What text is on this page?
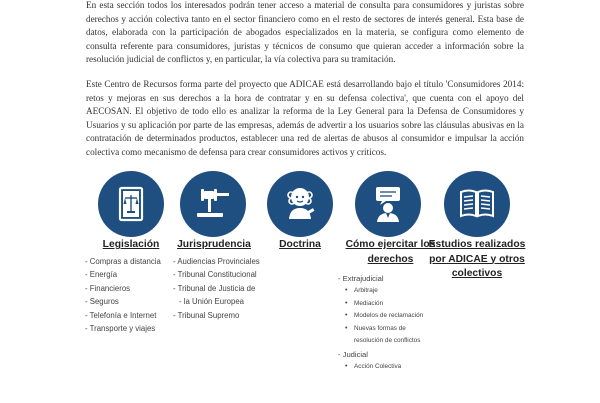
En esta sección todos los interesados podrán tener acceso a material de consulta para consumidores y juristas sobre derechos y acción colectiva tanto en el sector financiero como en el resto de sectores de interés general. Esta base de datos, elaborada con la participación de abogados especializados en la materia, se configura como elemento de consulta referente para consumidores, juristas y técnicos de consumo que quieran acceder a información sobre la resolución judicial de conflictos y, en particular, la vía colectiva para su tramitación.

Este Centro de Recursos forma parte del proyecto que ADICAE está desarrollando bajo el título 'Consumidores 2014: retos y mejoras en sus derechos a la hora de contratar y en su defensa colectiva', que cuenta con el apoyo del AECOSAN. El objetivo de todo ello es analizar la reforma de la Ley General para la Defensa de Consumidores y Usuarios y su aplicación por parte de las empresas, además de advertir a los usuarios sobre las cláusulas abusivas en la contratación de determinados productos, establecer una red de alertas de abusos al consumidor e impulsar la acción colectiva como mecanismo de defensa para crear consumidores activos y críticos.

Legislación

- Compras a distancia
- Energía
- Financieros
- Seguros
- Telefonía e Internet
- Transporte y viajes

Jurisprudencia

- Audiencias Provinciales
- Tribunal Constitucional
- Tribunal de Justicia de
- la Unión Europea
- Tribunal Supremo

Doctrina	Cómo ejercitar los
derechos

- Extrajudicial
• Arbitraje
• Mediación
• Modelos de reclamación
• Nuevas formas de
resolución de conflictos
- Judicial
• Acción Colectiva

Estudios realizados
por ADICAE y otros
colectivos
